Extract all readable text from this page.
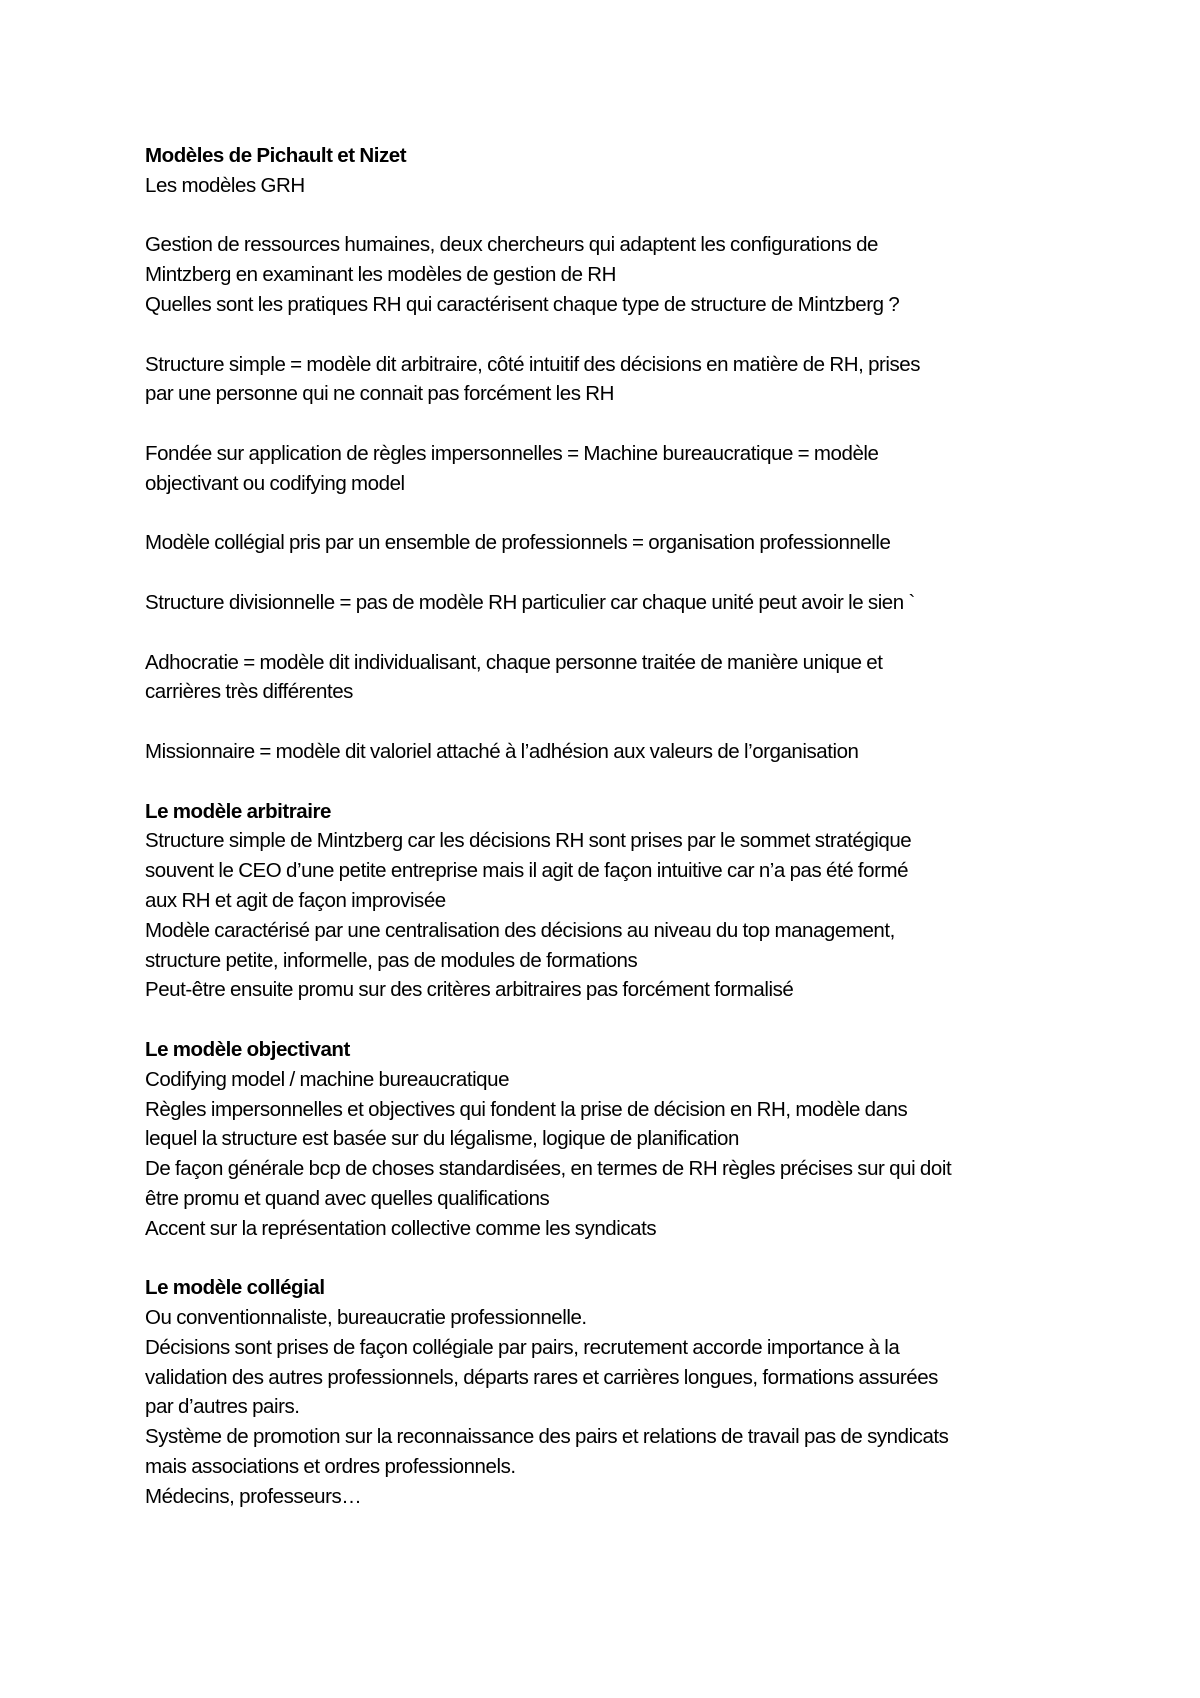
Modèles de Pichault et Nizet
Les modèles GRH
Gestion de ressources humaines, deux chercheurs qui adaptent les configurations de
Mintzberg en examinant les modèles de gestion de RH
Quelles sont les pratiques RH qui caractérisent chaque type de structure de Mintzberg ?
Structure simple = modèle dit arbitraire, côté intuitif des décisions en matière de RH, prises
par une personne qui ne connait pas forcément les RH
Fondée sur application de règles impersonnelles = Machine bureaucratique = modèle
objectivant ou codifying model
Modèle collégial pris par un ensemble de professionnels = organisation professionnelle
Structure divisionnelle = pas de modèle RH particulier car chaque unité peut avoir le sien `
Adhocratie = modèle dit individualisant, chaque personne traitée de manière unique et
carrières très différentes
Missionnaire = modèle dit valoriel attaché à l’adhésion aux valeurs de l’organisation
Le modèle arbitraire
Structure simple de Mintzberg car les décisions RH sont prises par le sommet stratégique
souvent le CEO d’une petite entreprise mais il agit de façon intuitive car n’a pas été formé
aux RH et agit de façon improvisée
Modèle caractérisé par une centralisation des décisions au niveau du top management,
structure petite, informelle, pas de modules de formations
Peut-être ensuite promu sur des critères arbitraires pas forcément formalisé
Le modèle objectivant
Codifying model / machine bureaucratique
Règles impersonnelles et objectives qui fondent la prise de décision en RH, modèle dans
lequel la structure est basée sur du légalisme, logique de planification
De façon générale bcp de choses standardisées, en termes de RH règles précises sur qui doit
être promu et quand avec quelles qualifications
Accent sur la représentation collective comme les syndicats
Le modèle collégial
Ou conventionnaliste, bureaucratie professionnelle.
Décisions sont prises de façon collégiale par pairs, recrutement accorde importance à la
validation des autres professionnels, départs rares et carrières longues, formations assurées
par d’autres pairs.
Système de promotion sur la reconnaissance des pairs et relations de travail pas de syndicats
mais associations et ordres professionnels.
Médecins, professeurs…
